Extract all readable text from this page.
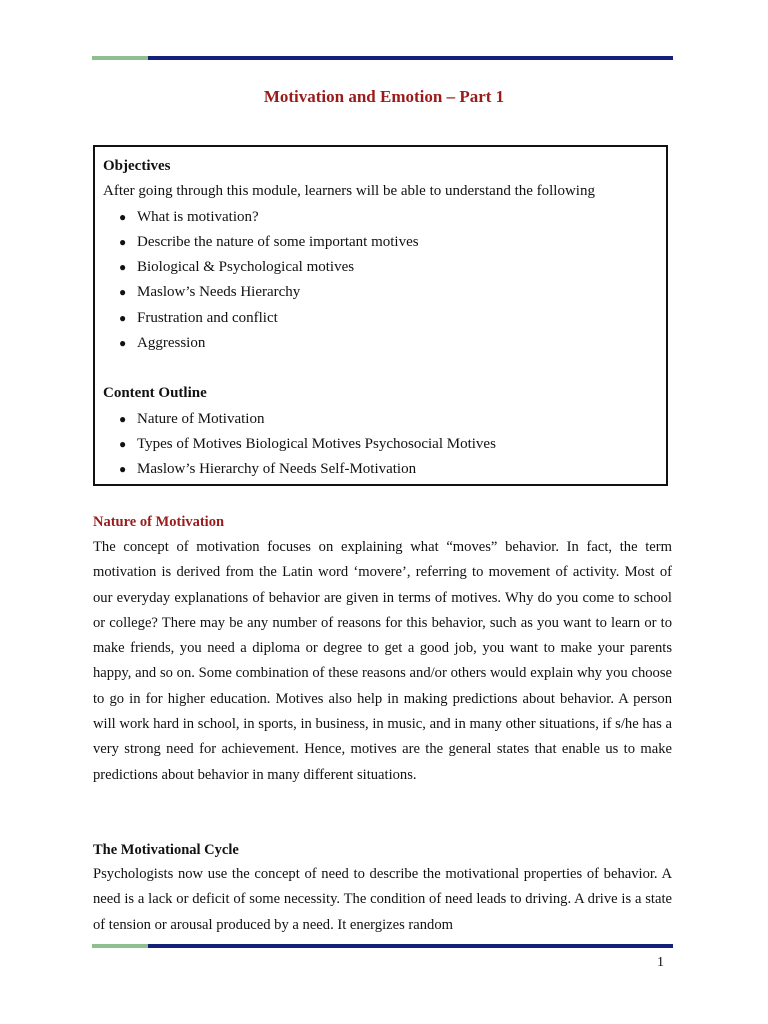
Motivation and Emotion – Part 1
Objectives
After going through this module, learners will be able to understand the following
● What is motivation?
● Describe the nature of some important motives
● Biological & Psychological motives
● Maslow’s Needs Hierarchy
● Frustration and conflict
● Aggression
Content Outline
● Nature of Motivation
● Types of Motives Biological Motives Psychosocial Motives
● Maslow’s Hierarchy of Needs Self-Motivation
Nature of Motivation

The concept of motivation focuses on explaining what “moves” behavior. In fact, the term motivation is derived from the Latin word ‘movere’, referring to movement of activity. Most of our everyday explanations of behavior are given in terms of motives. Why do you come to school or college? There may be any number of reasons for this behavior, such as you want to learn or to make friends, you need a diploma or degree to get a good job, you want to make your parents happy, and so on. Some combination of these reasons and/or others would explain why you choose to go in for higher education. Motives also help in making predictions about behavior. A person will work hard in school, in sports, in business, in music, and in many other situations, if s/he has a very strong need for achievement. Hence, motives are the general states that enable us to make predictions about behavior in many different situations.

The Motivational Cycle

Psychologists now use the concept of need to describe the motivational properties of behavior. A need is a lack or deficit of some necessity. The condition of need leads to driving. A drive is a state of tension or arousal produced by a need. It energizes random

1
